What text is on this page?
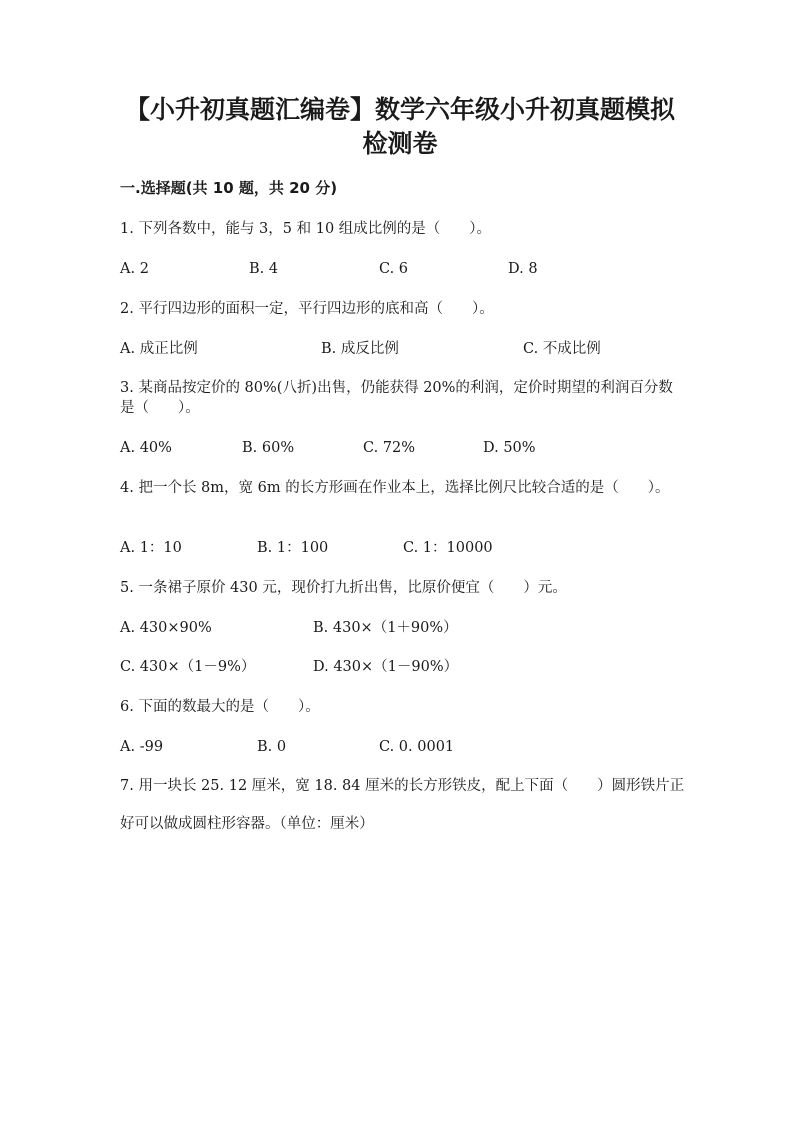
【小升初真题汇编卷】数学六年级小升初真题模拟
检测卷
一.选择题(共 10 题，共 20 分)
1. 下列各数中，能与 3，5 和 10 组成比例的是（　　）。
A. 2	B. 4	C. 6	D. 8
2. 平行四边形的面积一定，平行四边形的底和高（　　）。
A. 成正比例	B. 成反比例	C. 不成比例
3. 某商品按定价的 80%(八折)出售，仍能获得 20%的利润，定价时期望的利润百分数是（　　）。
A. 40%	B. 60%	C. 72%	D. 50%
4. 把一个长 8m，宽 6m 的长方形画在作业本上，选择比例尺比较合适的是（　　）。
A. 1：10	B. 1：100	C. 1：10000
5. 一条裙子原价 430 元，现价打九折出售，比原价便宜（　　）元。
A. 430×90%	B. 430×（1＋90%）
C. 430×（1－9%）	D. 430×（1－90%）
6. 下面的数最大的是（　　）。
A. -99	B. 0	C. 0. 0001
7. 用一块长 25. 12 厘米，宽 18. 84 厘米的长方形铁皮，配上下面（　　）圆形铁片正好可以做成圆柱形容器。（单位：厘米）
